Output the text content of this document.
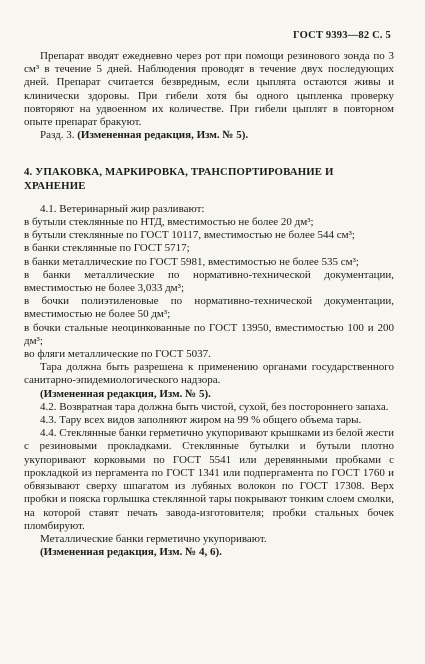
ГОСТ 9393—82 С. 5

Препарат вводят ежедневно через рот при помощи резинового зонда по 3 см³ в течение 5 дней. Наблюдения проводят в течение двух последующих дней. Препарат считается безвредным, если цыплята остаются живы и клинически здоровы. При гибели хотя бы одного цыпленка проверку повторяют на удвоенном их количестве. При гибели цыплят в повторном опыте препарат бракуют.

Разд. 3. (Измененная редакция, Изм. № 5).

4. УПАКОВКА, МАРКИРОВКА, ТРАНСПОРТИРОВАНИЕ И ХРАНЕНИЕ

4.1. Ветеринарный жир разливают:

в бутыли стеклянные по НТД, вместимостью не более 20 дм³;

в бутыли стеклянные по ГОСТ 10117, вместимостью не более 544 см³;

в банки стеклянные по ГОСТ 5717;

в банки металлические по ГОСТ 5981, вместимостью не более 535 см³;

в банки металлические по нормативно-технической документации, вместимостью не более 3,033 дм³;

в бочки полиэтиленовые по нормативно-технической документации, вместимостью не более 50 дм³;

в бочки стальные неоцинкованные по ГОСТ 13950, вместимостью 100 и 200 дм³;

во фляги металлические по ГОСТ 5037.

Тара должна быть разрешена к применению органами государственного санитарно-эпидемиологического надзора.

(Измененная редакция, Изм. № 5).

4.2. Возвратная тара должна быть чистой, сухой, без постороннего запаха.

4.3. Тару всех видов заполняют жиром на 99 % общего объема тары.

4.4. Стеклянные банки герметично укупоривают крышками из белой жести с резиновыми прокладками. Стеклянные бутылки и бутыли плотно укупоривают корковыми по ГОСТ 5541 или деревянными пробками с прокладкой из пергамента по ГОСТ 1341 или подпергамента по ГОСТ 1760 и обвязывают сверху шпагатом из лубяных волокон по ГОСТ 17308. Верх пробки и пояска горлышка стеклянной тары покрывают тонким слоем смолки, на которой ставят печать завода-изготовителя; пробки стальных бочек пломбируют.

Металлические банки герметично укупоривают.

(Измененная редакция, Изм. № 4, 6).
